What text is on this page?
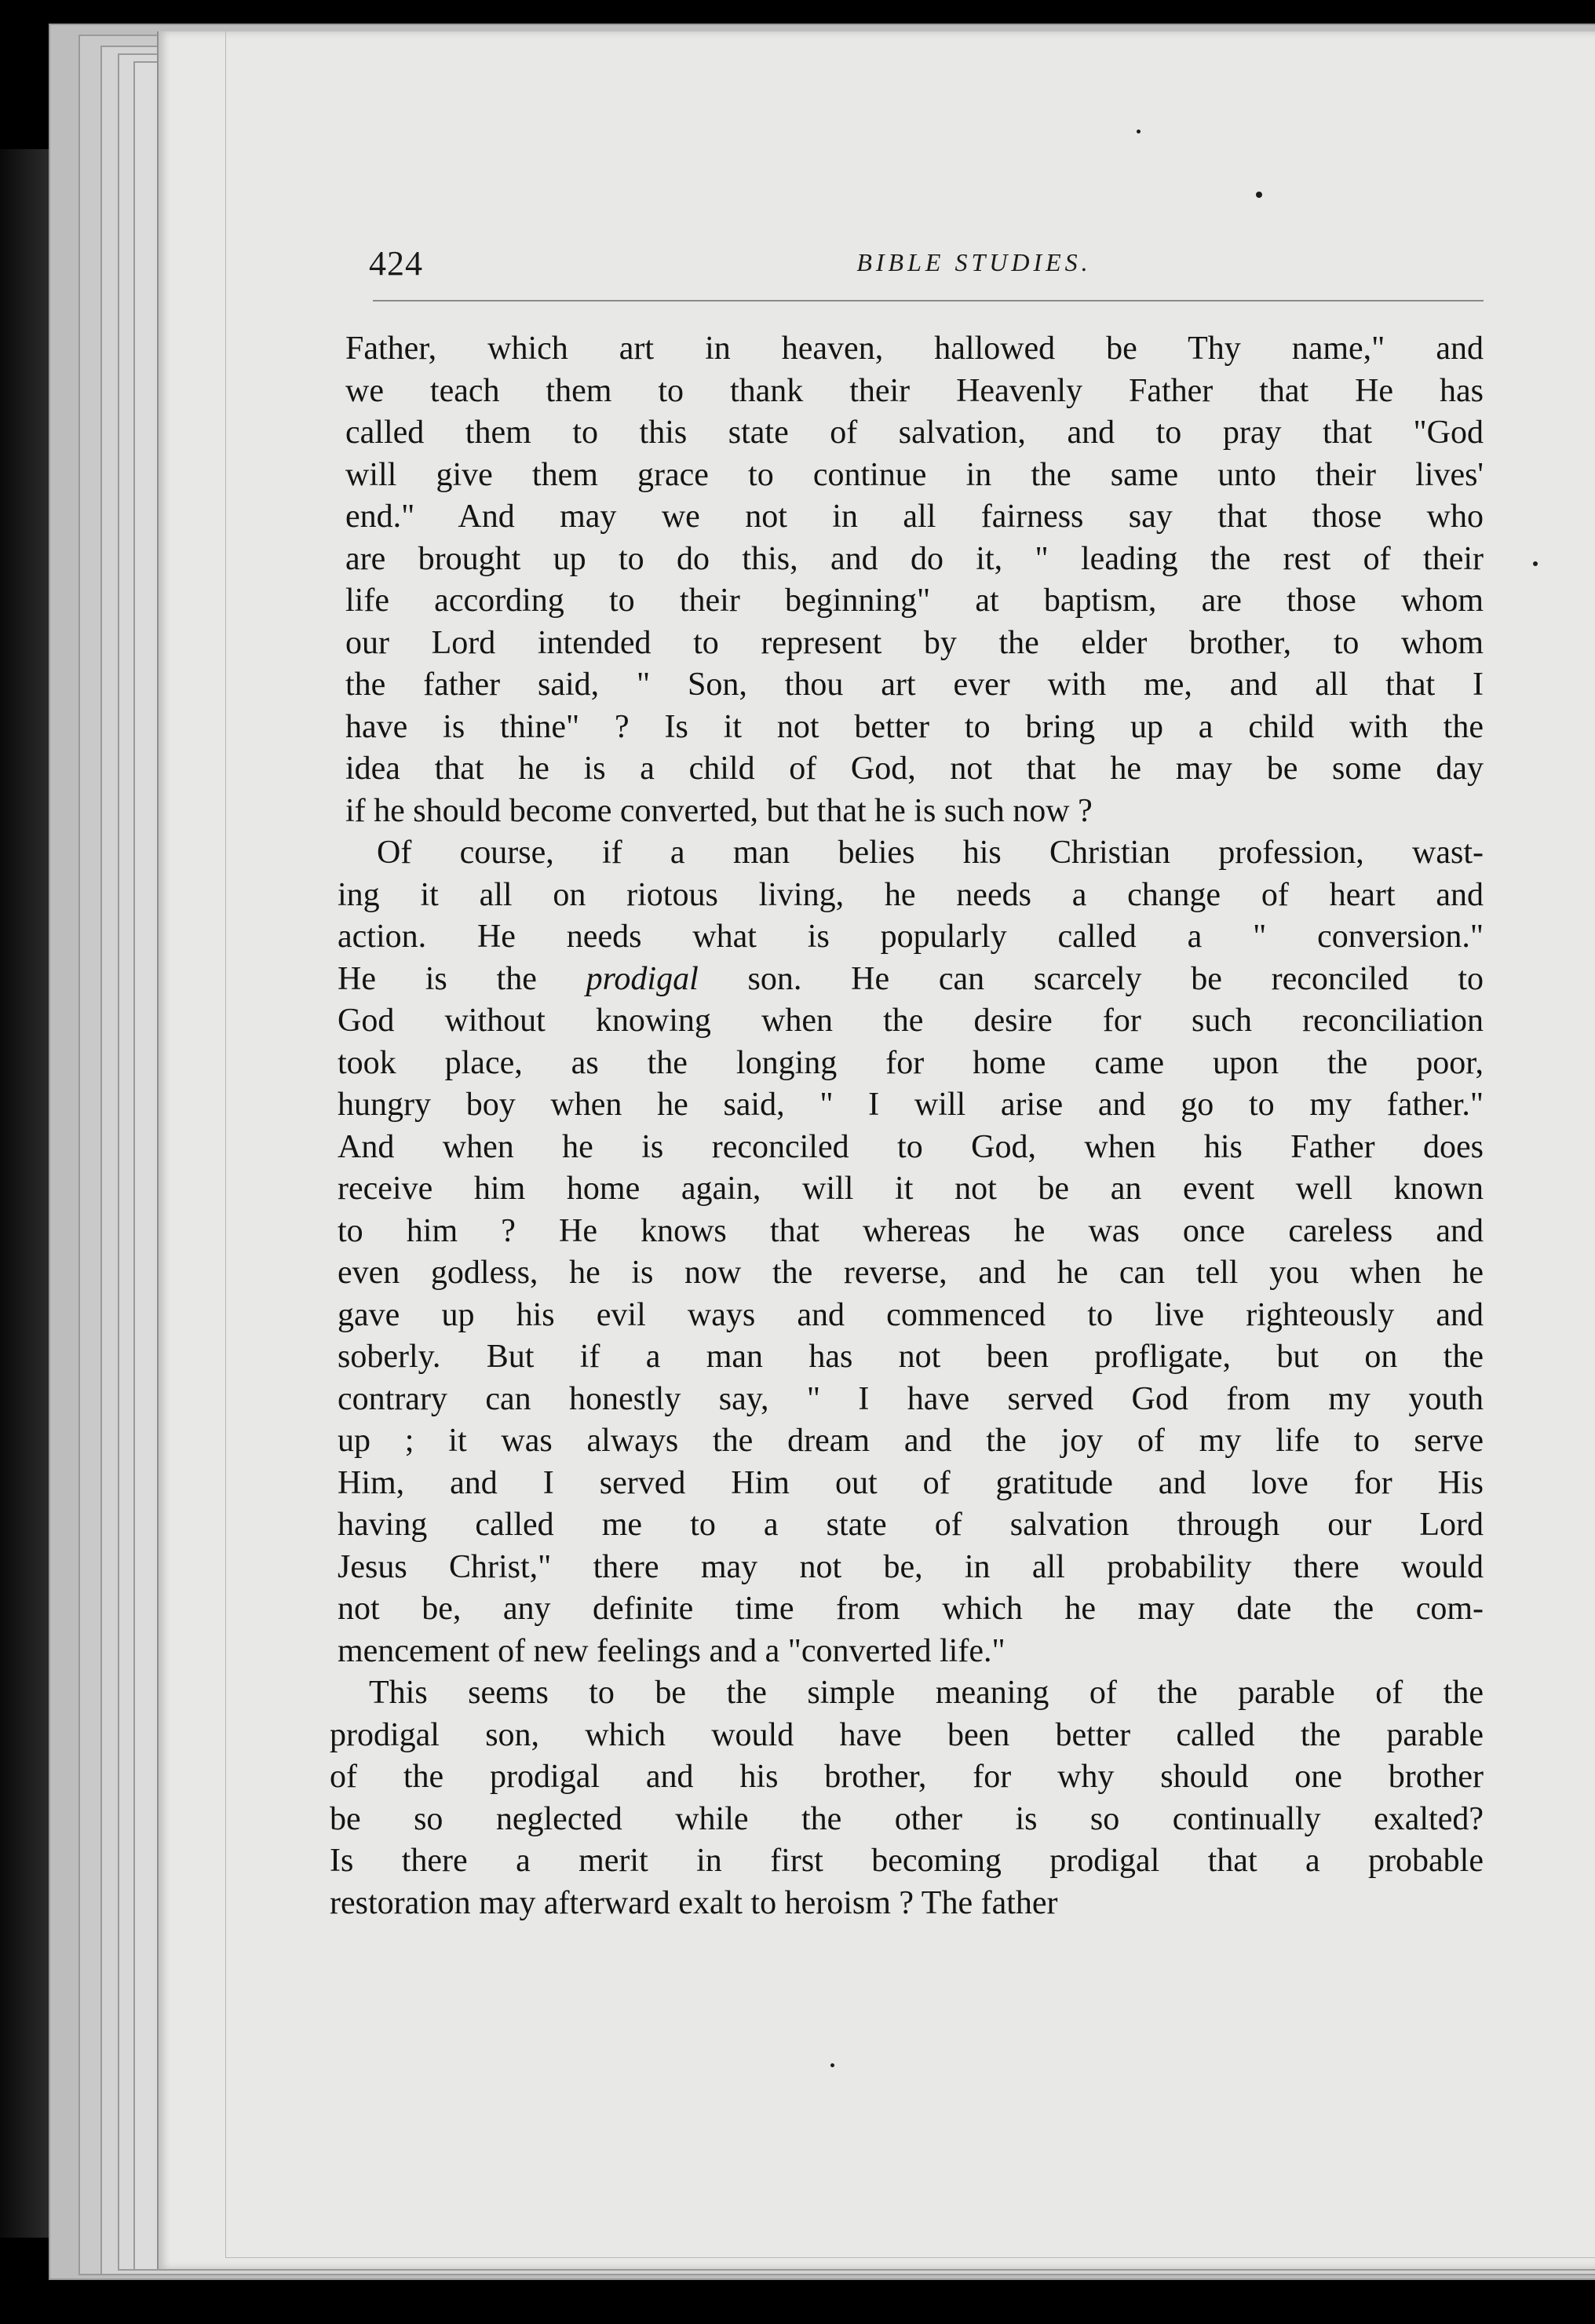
424	BIBLE STUDIES.

Father, which art in heaven, hallowed be Thy name," and
we teach them to thank their Heavenly Father that He has
called them to this state of salvation, and to pray that "God
will give them grace to continue in the same unto their lives'
end." And may we not in all fairness say that those who
are brought up to do this, and do it, " leading the rest of their
life according to their beginning" at baptism, are those whom
our Lord intended to represent by the elder brother, to whom
the father said, " Son, thou art ever with me, and all that I
have is thine" ? Is it not better to bring up a child with the
idea that he is a child of God, not that he may be some day
if he should become converted, but that he is such now ?

Of course, if a man belies his Christian profession, wast-
ing it all on riotous living, he needs a change of heart and
action. He needs what is popularly called a " conversion."
He is the prodigal son. He can scarcely be reconciled to
God without knowing when the desire for such reconciliation
took place, as the longing for home came upon the poor,
hungry boy when he said, " I will arise and go to my father."
And when he is reconciled to God, when his Father does
receive him home again, will it not be an event well known
to him ? He knows that whereas he was once careless and
even godless, he is now the reverse, and he can tell you when he
gave up his evil ways and commenced to live righteously and
soberly. But if a man has not been profligate, but on the
contrary can honestly say, " I have served God from my youth
up ; it was always the dream and the joy of my life to serve
Him, and I served Him out of gratitude and love for His
having called me to a state of salvation through our Lord
Jesus Christ," there may not be, in all probability there would
not be, any definite time from which he may date the com-
mencement of new feelings and a "converted life."

This seems to be the simple meaning of the parable of the
prodigal son, which would have been better called the parable
of the prodigal and his brother, for why should one brother
be so neglected while the other is so continually exalted?
Is there a merit in first becoming prodigal that a probable
restoration may afterward exalt to heroism ? The father
